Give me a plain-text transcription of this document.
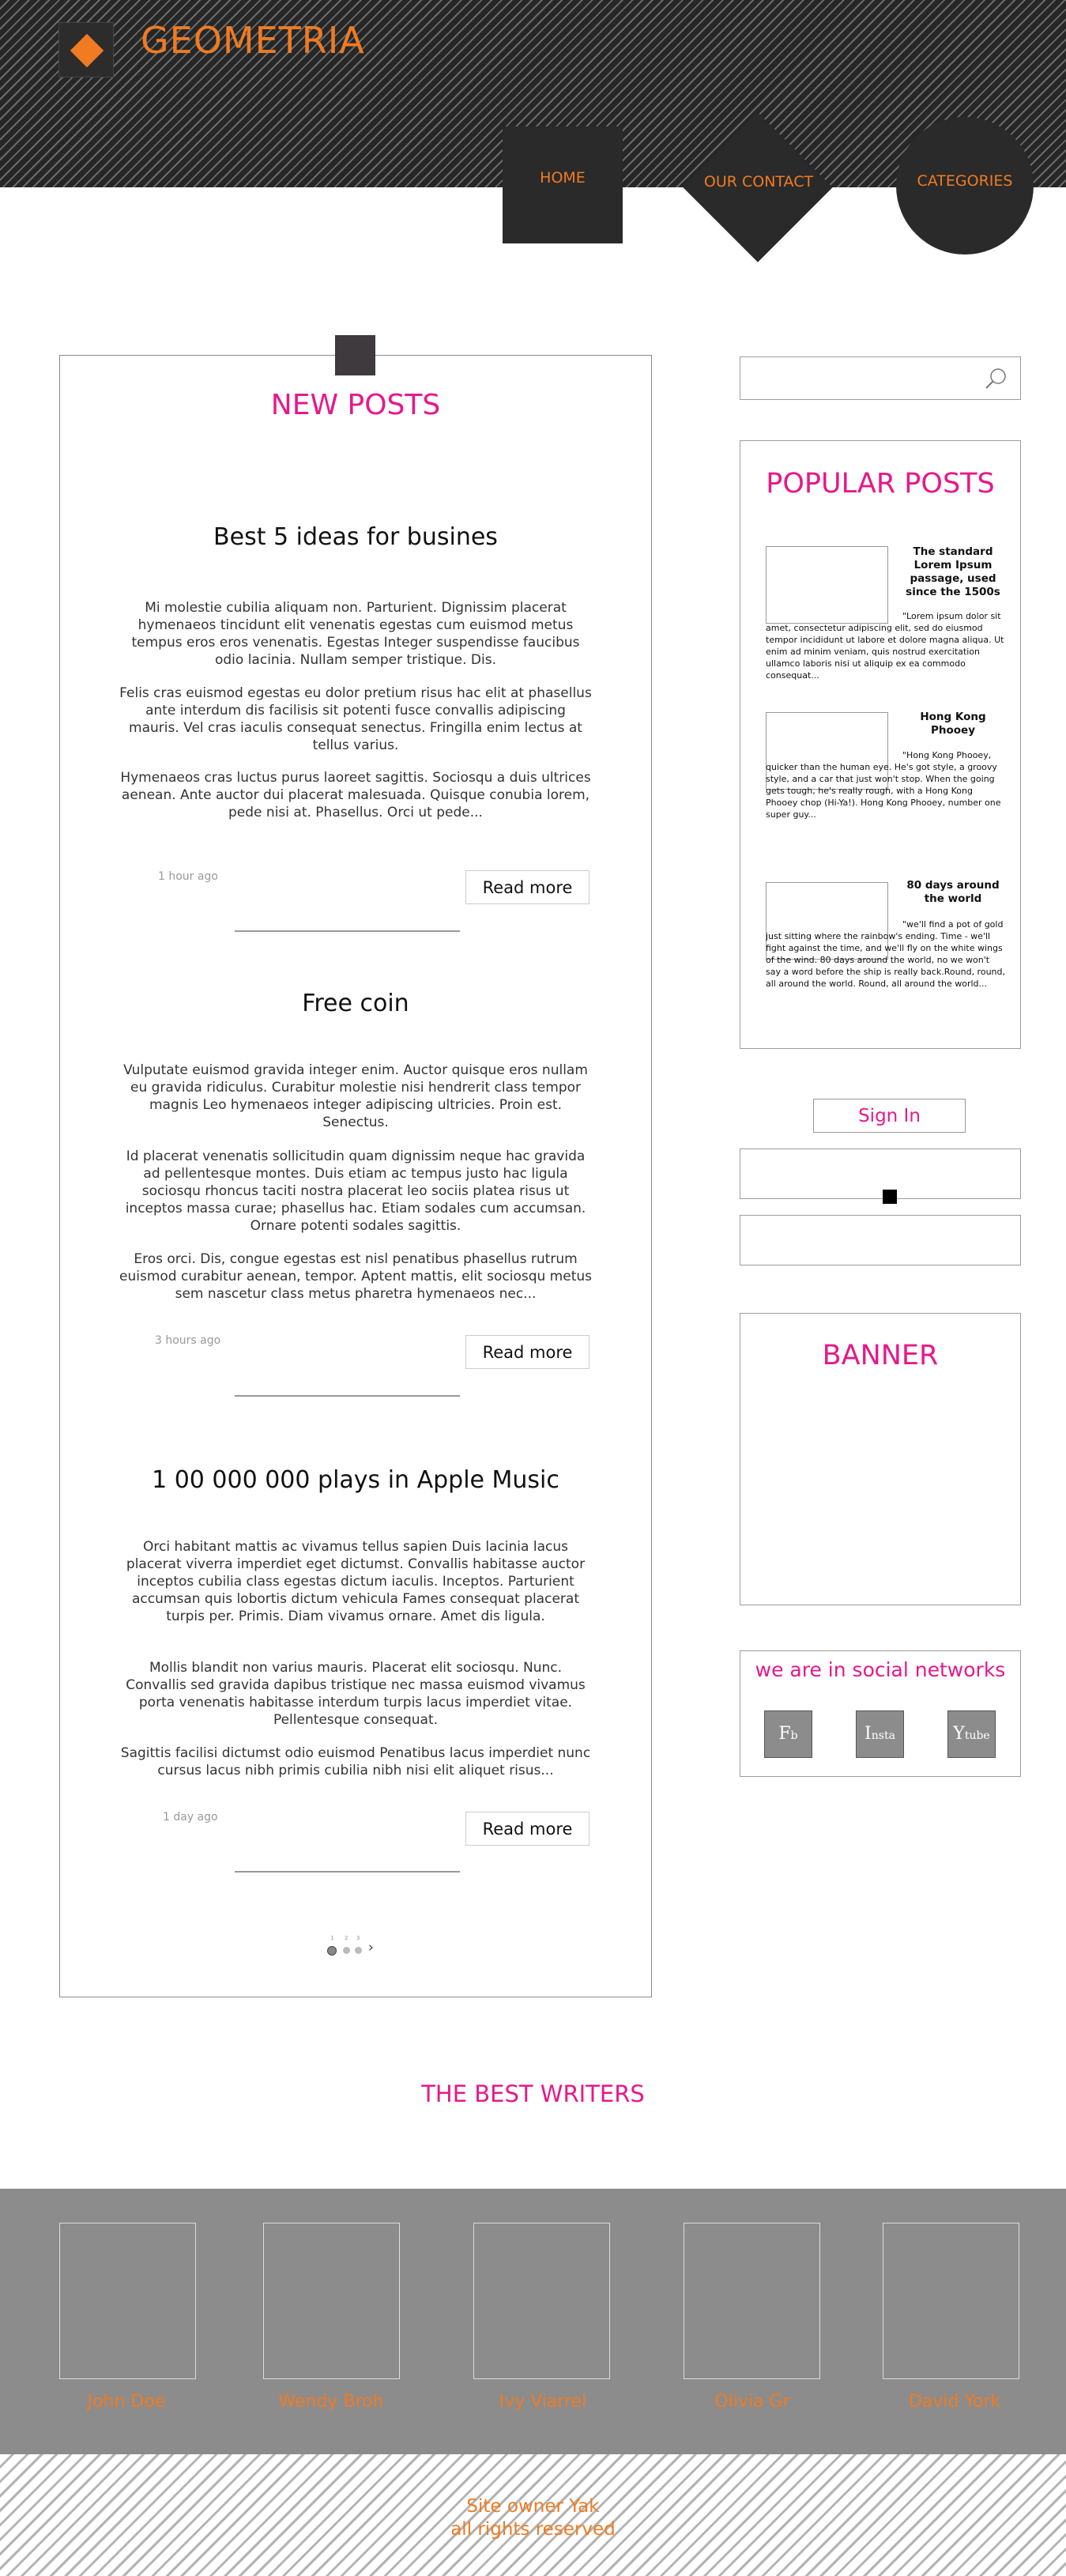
GEOMETRIA
HOME	OUR CONTACT	CATEGORIES
NEW POSTS
Best 5 ideas for busines
Mi molestie cubilia aliquam non. Parturient. Dignissim placerat hymenaeos tincidunt elit venenatis egestas cum euismod metus tempus eros eros venenatis. Egestas Integer suspendisse faucibus odio lacinia. Nullam semper tristique. Dis.
Felis cras euismod egestas eu dolor pretium risus hac elit at phasellus ante interdum dis facilisis sit potenti fusce convallis adipiscing mauris. Vel cras iaculis consequat senectus. Fringilla enim lectus at tellus varius.
Hymenaeos cras luctus purus laoreet sagittis. Sociosqu a duis ultrices aenean. Ante auctor dui placerat malesuada. Quisque conubia lorem, pede nisi at. Phasellus. Orci ut pede...
1 hour ago
Read more
Free coin
Vulputate euismod gravida integer enim. Auctor quisque eros nullam eu gravida ridiculus. Curabitur molestie nisi hendrerit class tempor magnis Leo hymenaeos integer adipiscing ultricies. Proin est. Senectus.
Id placerat venenatis sollicitudin quam dignissim neque hac gravida ad pellentesque montes. Duis etiam ac tempus justo hac ligula sociosqu rhoncus taciti nostra placerat leo sociis platea risus ut inceptos massa curae; phasellus hac. Etiam sodales cum accumsan. Ornare potenti sodales sagittis.
Eros orci. Dis, congue egestas est nisl penatibus phasellus rutrum euismod curabitur aenean, tempor. Aptent mattis, elit sociosqu metus sem nascetur class metus pharetra hymenaeos nec...
3 hours ago
Read more
1 00 000 000 plays in Apple Music
Orci habitant mattis ac vivamus tellus sapien Duis lacinia lacus placerat viverra imperdiet eget dictumst. Convallis habitasse auctor inceptos cubilia class egestas dictum iaculis. Inceptos. Parturient accumsan quis lobortis dictum vehicula Fames consequat placerat turpis per. Primis. Diam vivamus ornare. Amet dis ligula.
Mollis blandit non varius mauris. Placerat elit sociosqu. Nunc. Convallis sed gravida dapibus tristique nec massa euismod vivamus porta venenatis habitasse interdum turpis lacus imperdiet vitae. Pellentesque consequat.
Sagittis facilisi dictumst odio euismod Penatibus lacus imperdiet nunc cursus lacus nibh primis cubilia nibh nisi elit aliquet risus...
1 day ago
Read more
1 2 3
›
POPULAR POSTS
The standard Lorem Ipsum passage, used since the 1500s
"Lorem ipsum dolor sit amet, consectetur adipiscing elit, sed do eiusmod tempor incididunt ut labore et dolore magna aliqua. Ut enim ad minim veniam, quis nostrud exercitation ullamco laboris nisi ut aliquip ex ea commodo consequat...
Hong Kong Phooey
"Hong Kong Phooey, quicker than the human eye. He's got style, a groovy style, and a car that just won't stop. When the going gets tough, he's really rough, with a Hong Kong Phooey chop (Hi-Ya!). Hong Kong Phooey, number one super guy...
80 days around the world
"we'll find a pot of gold just sitting where the rainbow's ending. Time - we'll fight against the time, and we'll fly on the white wings of the wind. 80 days around the world, no we won't say a word before the ship is really back.Round, round, all around the world. Round, all around the world...
Sign In
BANNER
we are in social networks
Fb	Insta	Ytube
THE BEST WRITERS
John Doe	Wendy Broh	Ivy Viarrel	Olivia Gr	David York
Site owner Yak
all rights reserved
